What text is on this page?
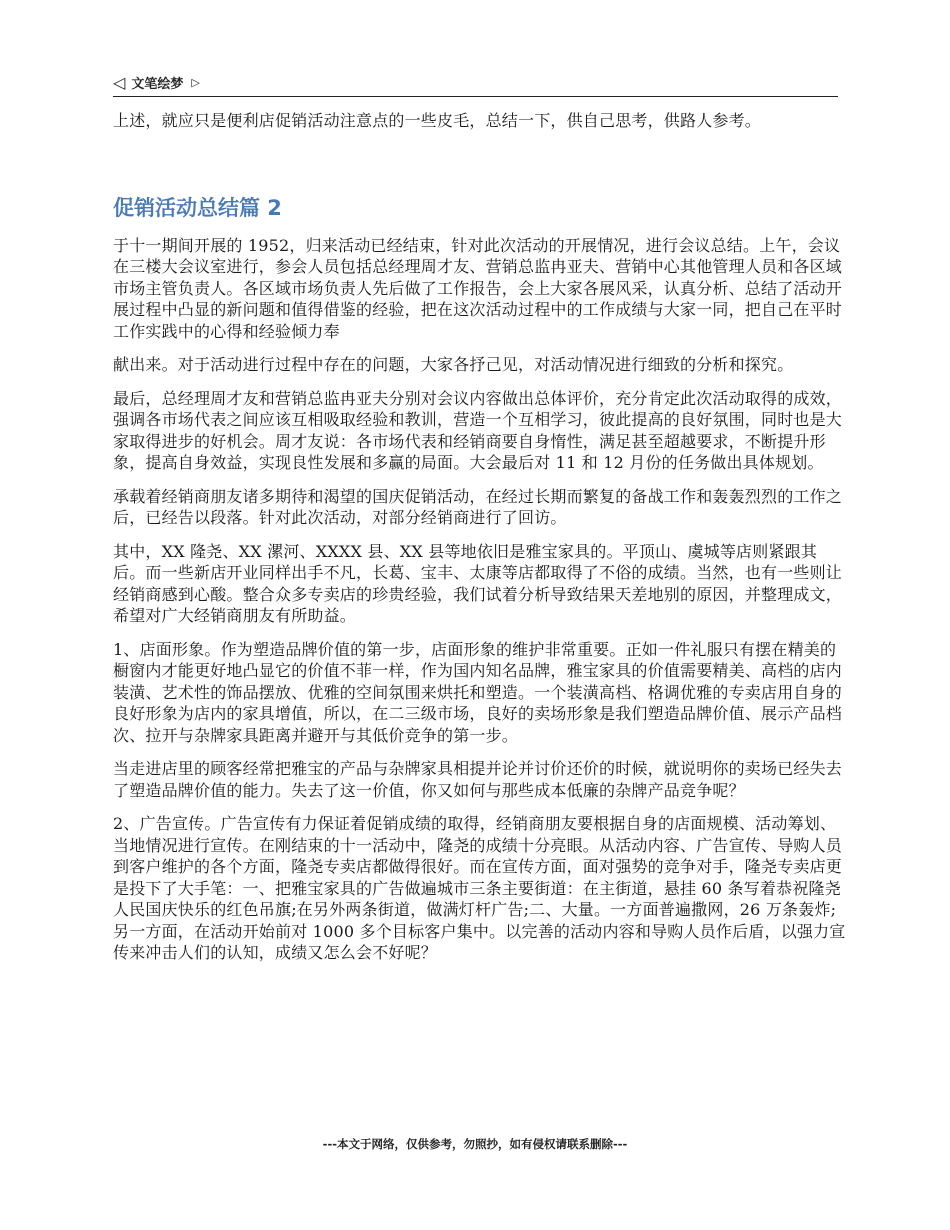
◁ 文笔绘梦 ▷

上述，就应只是便利店促销活动注意点的一些皮毛，总结一下，供自己思考，供路人参考。

促销活动总结篇 2

于十一期间开展的 1952，归来活动已经结束，针对此次活动的开展情况，进行会议总结。上午，会议在三楼大会议室进行，参会人员包括总经理周才友、营销总监冉亚夫、营销中心其他管理人员和各区域市场主管负责人。各区域市场负责人先后做了工作报告，会上大家各展风采，认真分析、总结了活动开展过程中凸显的新问题和值得借鉴的经验，把在这次活动过程中的工作成绩与大家一同，把自己在平时工作实践中的心得和经验倾力奉

献出来。对于活动进行过程中存在的问题，大家各抒己见，对活动情况进行细致的分析和探究。

最后，总经理周才友和营销总监冉亚夫分别对会议内容做出总体评价，充分肯定此次活动取得的成效，强调各市场代表之间应该互相吸取经验和教训，营造一个互相学习，彼此提高的良好氛围，同时也是大家取得进步的好机会。周才友说：各市场代表和经销商要自身惰性，满足甚至超越要求，不断提升形象，提高自身效益，实现良性发展和多赢的局面。大会最后对 11 和 12 月份的任务做出具体规划。

承载着经销商朋友诸多期待和渴望的国庆促销活动，在经过长期而繁复的备战工作和轰轰烈烈的工作之后，已经告以段落。针对此次活动，对部分经销商进行了回访。

其中，XX 隆尧、XX 漯河、XXXX 县、XX 县等地依旧是雅宝家具的。平顶山、虞城等店则紧跟其后。而一些新店开业同样出手不凡，长葛、宝丰、太康等店都取得了不俗的成绩。当然，也有一些则让经销商感到心酸。整合众多专卖店的珍贵经验，我们试着分析导致结果天差地别的原因，并整理成文，希望对广大经销商朋友有所助益。

1、店面形象。作为塑造品牌价值的第一步，店面形象的维护非常重要。正如一件礼服只有摆在精美的橱窗内才能更好地凸显它的价值不菲一样，作为国内知名品牌，雅宝家具的价值需要精美、高档的店内装潢、艺术性的饰品摆放、优雅的空间氛围来烘托和塑造。一个装潢高档、格调优雅的专卖店用自身的良好形象为店内的家具增值，所以，在二三级市场，良好的卖场形象是我们塑造品牌价值、展示产品档次、拉开与杂牌家具距离并避开与其低价竞争的第一步。

当走进店里的顾客经常把雅宝的产品与杂牌家具相提并论并讨价还价的时候，就说明你的卖场已经失去了塑造品牌价值的能力。失去了这一价值，你又如何与那些成本低廉的杂牌产品竞争呢？

2、广告宣传。广告宣传有力保证着促销成绩的取得，经销商朋友要根据自身的店面规模、活动筹划、当地情况进行宣传。在刚结束的十一活动中，隆尧的成绩十分亮眼。从活动内容、广告宣传、导购人员到客户维护的各个方面，隆尧专卖店都做得很好。而在宣传方面，面对强势的竞争对手，隆尧专卖店更是投下了大手笔：一、把雅宝家具的广告做遍城市三条主要街道：在主街道，悬挂 60 条写着恭祝隆尧人民国庆快乐的红色吊旗;在另外两条街道，做满灯杆广告;二、大量。一方面普遍撒网，26 万条轰炸;另一方面，在活动开始前对 1000 多个目标客户集中。以完善的活动内容和导购人员作后盾，以强力宣传来冲击人们的认知，成绩又怎么会不好呢？

---本文于网络，仅供参考，勿照抄，如有侵权请联系删除---
